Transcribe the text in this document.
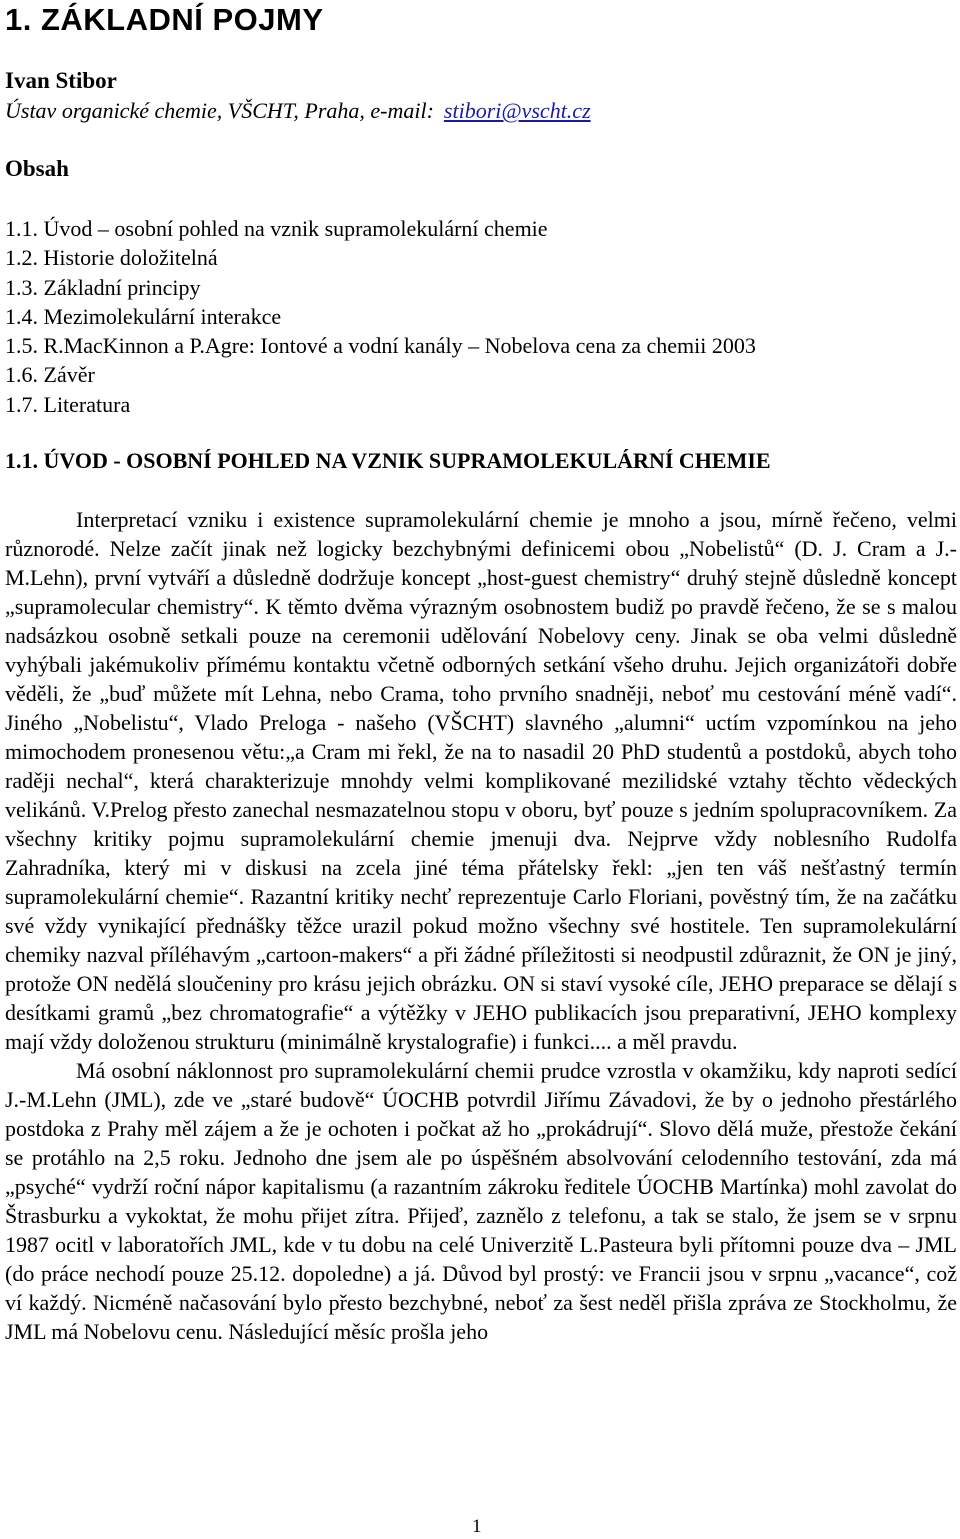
1. ZÁKLADNÍ POJMY
Ivan Stibor
Ústav organické chemie, VŠCHT, Praha, e-mail: stibori@vscht.cz
Obsah
1.1. Úvod – osobní pohled na vznik supramolekulární chemie
1.2. Historie doložitelná
1.3. Základní principy
1.4. Mezimolekulární interakce
1.5. R.MacKinnon a P.Agre: Iontové a vodní kanály – Nobelova cena za chemii 2003
1.6. Závěr
1.7. Literatura
1.1. ÚVOD - OSOBNÍ POHLED NA VZNIK SUPRAMOLEKULÁRNÍ CHEMIE

Interpretací vzniku i existence supramolekulární chemie je mnoho a jsou, mírně řečeno, velmi různorodé. Nelze začít jinak než logicky bezchybnými definicemi obou „Nobelistů“ (D. J. Cram a J.-M.Lehn), první vytváří a důsledně dodržuje koncept „host-guest chemistry“ druhý stejně důsledně koncept „supramolecular chemistry“. K těmto dvěma výrazným osobnostem budiž po pravdě řečeno, že se s malou nadsázkou osobně setkali pouze na ceremonii udělování Nobelovy ceny. Jinak se oba velmi důsledně vyhýbali jakémukoliv přímému kontaktu včetně odborných setkání všeho druhu. Jejich organizátoři dobře věděli, že „buď můžete mít Lehna, nebo Crama, toho prvního snadněji, neboť mu cestování méně vadí“. Jiného „Nobelistu“, Vlado Preloga - našeho (VŠCHT) slavného „alumni“ uctím vzpomínkou na jeho mimochodem pronesenou větu:„a Cram mi řekl, že na to nasadil 20 PhD studentů a postdoků, abych toho raději nechal“, která charakterizuje mnohdy velmi komplikované mezilidské vztahy těchto vědeckých velikánů. V.Prelog přesto zanechal nesmazatelnou stopu v oboru, byť pouze s jedním spolupracovníkem. Za všechny kritiky pojmu supramolekulární chemie jmenuji dva. Nejprve vždy noblesního Rudolfa Zahradníka, který mi v diskusi na zcela jiné téma přátelsky řekl: „jen ten váš nešťastný termín supramolekulární chemie“. Razantní kritiky nechť reprezentuje Carlo Floriani, pověstný tím, že na začátku své vždy vynikající přednášky těžce urazil pokud možno všechny své hostitele. Ten supramolekulární chemiky nazval příléhavým „cartoon-makers“ a při žádné příležitosti si neodpustil zdůraznit, že ON je jiný, protože ON nedělá sloučeniny pro krásu jejich obrázku. ON si staví vysoké cíle, JEHO preparace se dělají s desítkami gramů „bez chromatografie“ a výtěžky v JEHO publikacích jsou preparativní, JEHO komplexy mají vždy doloženou strukturu (minimálně krystalografie) i funkci.... a měl pravdu.

Má osobní náklonnost pro supramolekulární chemii prudce vzrostla v okamžiku, kdy naproti sedící J.-M.Lehn (JML), zde ve „staré budově“ ÚOCHB potvrdil Jiřímu Závadovi, že by o jednoho přestárlého postdoka z Prahy měl zájem a že je ochoten i počkat až ho „prokádrují“. Slovo dělá muže, přestože čekání se protáhlo na 2,5 roku. Jednoho dne jsem ale po úspěšném absolvování celodenního testování, zda má „psyché“ vydrží roční nápor kapitalismu (a razantním zákroku ředitele ÚOCHB Martínka) mohl zavolat do Štrasburku a vykoktat, že mohu přijet zítra. Přijeď, zaznělo z telefonu, a tak se stalo, že jsem se v srpnu 1987 ocitl v laboratořích JML, kde v tu dobu na celé Univerzitě L.Pasteura byli přítomni pouze dva – JML (do práce nechodí pouze 25.12. dopoledne) a já. Důvod byl prostý: ve Francii jsou v srpnu „vacance“, což ví každý. Nicméně načasování bylo přesto bezchybné, neboť za šest neděl přišla zpráva ze Stockholmu, že JML má Nobelovu cenu. Následující měsíc prošla jeho

1
